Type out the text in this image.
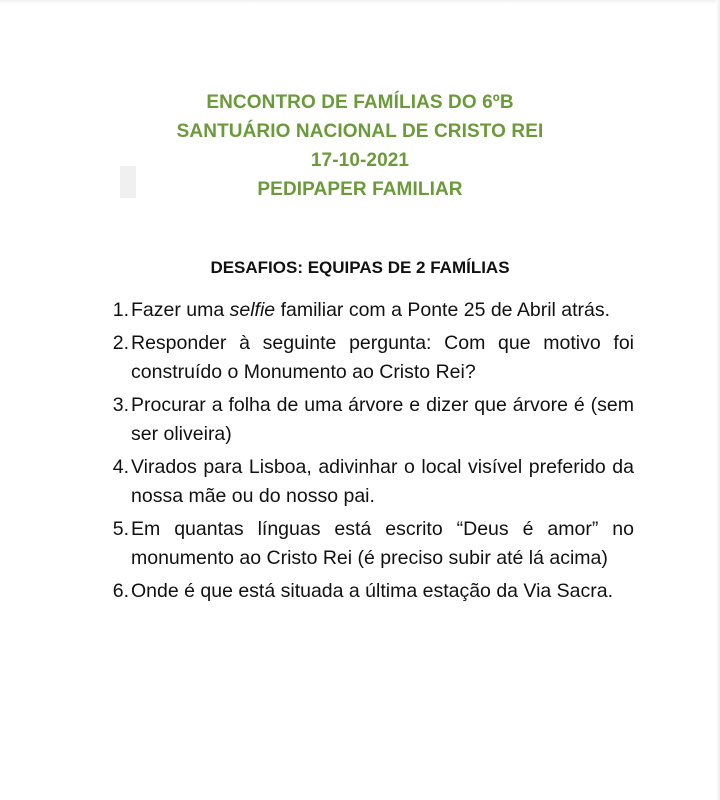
ENCONTRO DE FAMÍLIAS DO 6ºB
SANTUÁRIO NACIONAL DE CRISTO REI
17-10-2021
PEDIPAPER FAMILIAR
DESAFIOS: EQUIPAS DE 2 FAMÍLIAS
1. Fazer uma selfie familiar com a Ponte 25 de Abril atrás.
2. Responder à seguinte pergunta: Com que motivo foi construído o Monumento ao Cristo Rei?
3. Procurar a folha de uma árvore e dizer que árvore é (sem ser oliveira)
4. Virados para Lisboa, adivinhar o local visível preferido da nossa mãe ou do nosso pai.
5. Em quantas línguas está escrito “Deus é amor” no monumento ao Cristo Rei (é preciso subir até lá acima)
6. Onde é que está situada a última estação da Via Sacra.
